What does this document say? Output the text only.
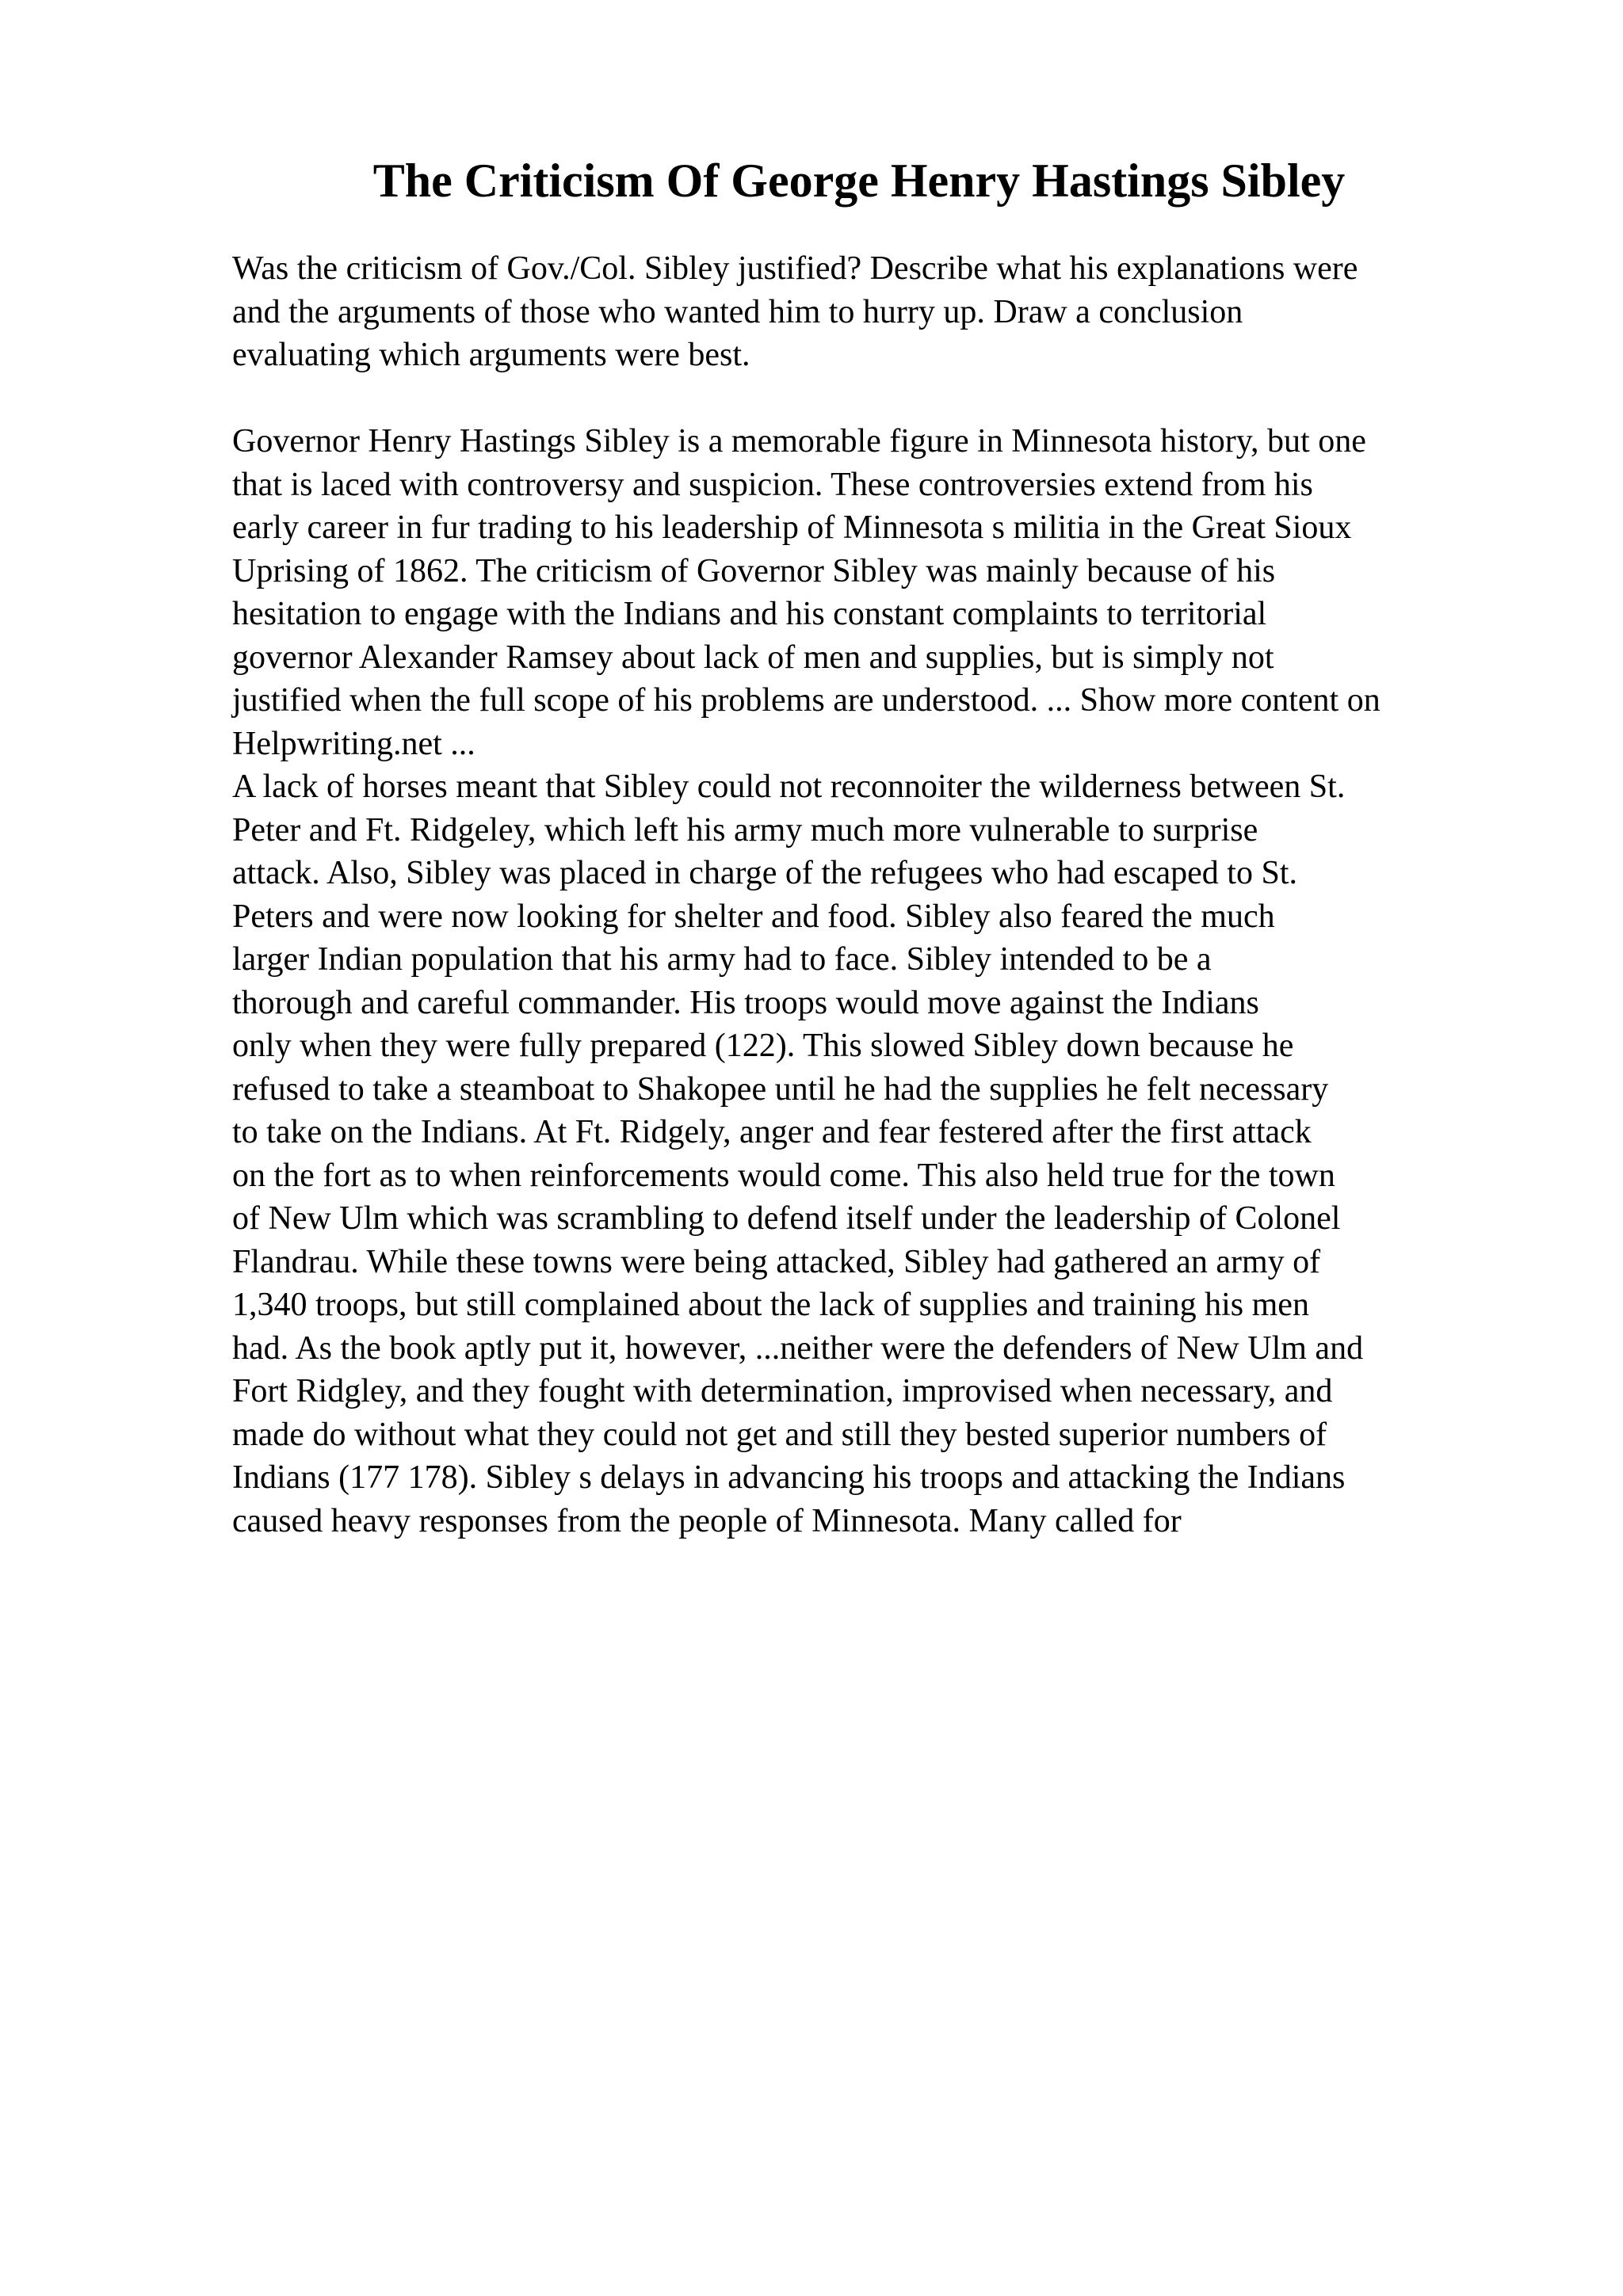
The Criticism Of George Henry Hastings Sibley
Was the criticism of Gov./Col. Sibley justified? Describe what his explanations were
and the arguments of those who wanted him to hurry up. Draw a conclusion
evaluating which arguments were best.
Governor Henry Hastings Sibley is a memorable figure in Minnesota history, but one
that is laced with controversy and suspicion. These controversies extend from his
early career in fur trading to his leadership of Minnesota s militia in the Great Sioux
Uprising of 1862. The criticism of Governor Sibley was mainly because of his
hesitation to engage with the Indians and his constant complaints to territorial
governor Alexander Ramsey about lack of men and supplies, but is simply not
justified when the full scope of his problems are understood. ... Show more content on
Helpwriting.net ...
A lack of horses meant that Sibley could not reconnoiter the wilderness between St.
Peter and Ft. Ridgeley, which left his army much more vulnerable to surprise
attack. Also, Sibley was placed in charge of the refugees who had escaped to St.
Peters and were now looking for shelter and food. Sibley also feared the much
larger Indian population that his army had to face. Sibley intended to be a
thorough and careful commander. His troops would move against the Indians
only when they were fully prepared (122). This slowed Sibley down because he
refused to take a steamboat to Shakopee until he had the supplies he felt necessary
to take on the Indians. At Ft. Ridgely, anger and fear festered after the first attack
on the fort as to when reinforcements would come. This also held true for the town
of New Ulm which was scrambling to defend itself under the leadership of Colonel
Flandrau. While these towns were being attacked, Sibley had gathered an army of
1,340 troops, but still complained about the lack of supplies and training his men
had. As the book aptly put it, however, ...neither were the defenders of New Ulm and
Fort Ridgley, and they fought with determination, improvised when necessary, and
made do without what they could not get and still they bested superior numbers of
Indians (177 178). Sibley s delays in advancing his troops and attacking the Indians
caused heavy responses from the people of Minnesota. Many called for
